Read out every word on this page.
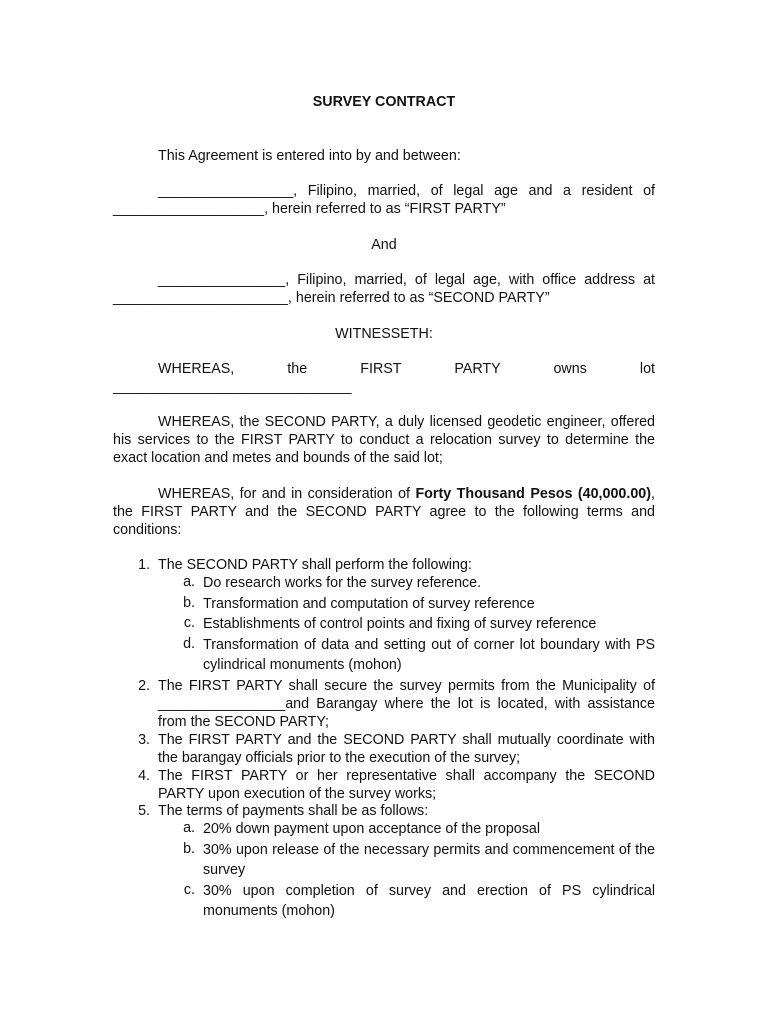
SURVEY CONTRACT
This Agreement is entered into by and between:
_________________, Filipino, married, of legal age and a resident of
___________________, herein referred to as “FIRST PARTY”
And
________________, Filipino, married, of legal age, with office address at
______________________, herein referred to as “SECOND PARTY”
WITNESSETH:
WHEREAS, the FIRST PARTY owns lot
______________________________
WHEREAS, the SECOND PARTY, a duly licensed geodetic engineer, offered his services to the FIRST PARTY to conduct a relocation survey to determine the exact location and metes and bounds of the said lot;
WHEREAS, for and in consideration of Forty Thousand Pesos (40,000.00), the FIRST PARTY and the SECOND PARTY agree to the following terms and conditions:
1. The SECOND PARTY shall perform the following:
a. Do research works for the survey reference.
b. Transformation and computation of survey reference
c. Establishments of control points and fixing of survey reference
d. Transformation of data and setting out of corner lot boundary with PS cylindrical monuments (mohon)
2. The FIRST PARTY shall secure the survey permits from the Municipality of ________________and Barangay where the lot is located, with assistance from the SECOND PARTY;
3. The FIRST PARTY and the SECOND PARTY shall mutually coordinate with the barangay officials prior to the execution of the survey;
4. The FIRST PARTY or her representative shall accompany the SECOND PARTY upon execution of the survey works;
5. The terms of payments shall be as follows:
a. 20% down payment upon acceptance of the proposal
b. 30% upon release of the necessary permits and commencement of the survey
c. 30% upon completion of survey and erection of PS cylindrical monuments (mohon)
